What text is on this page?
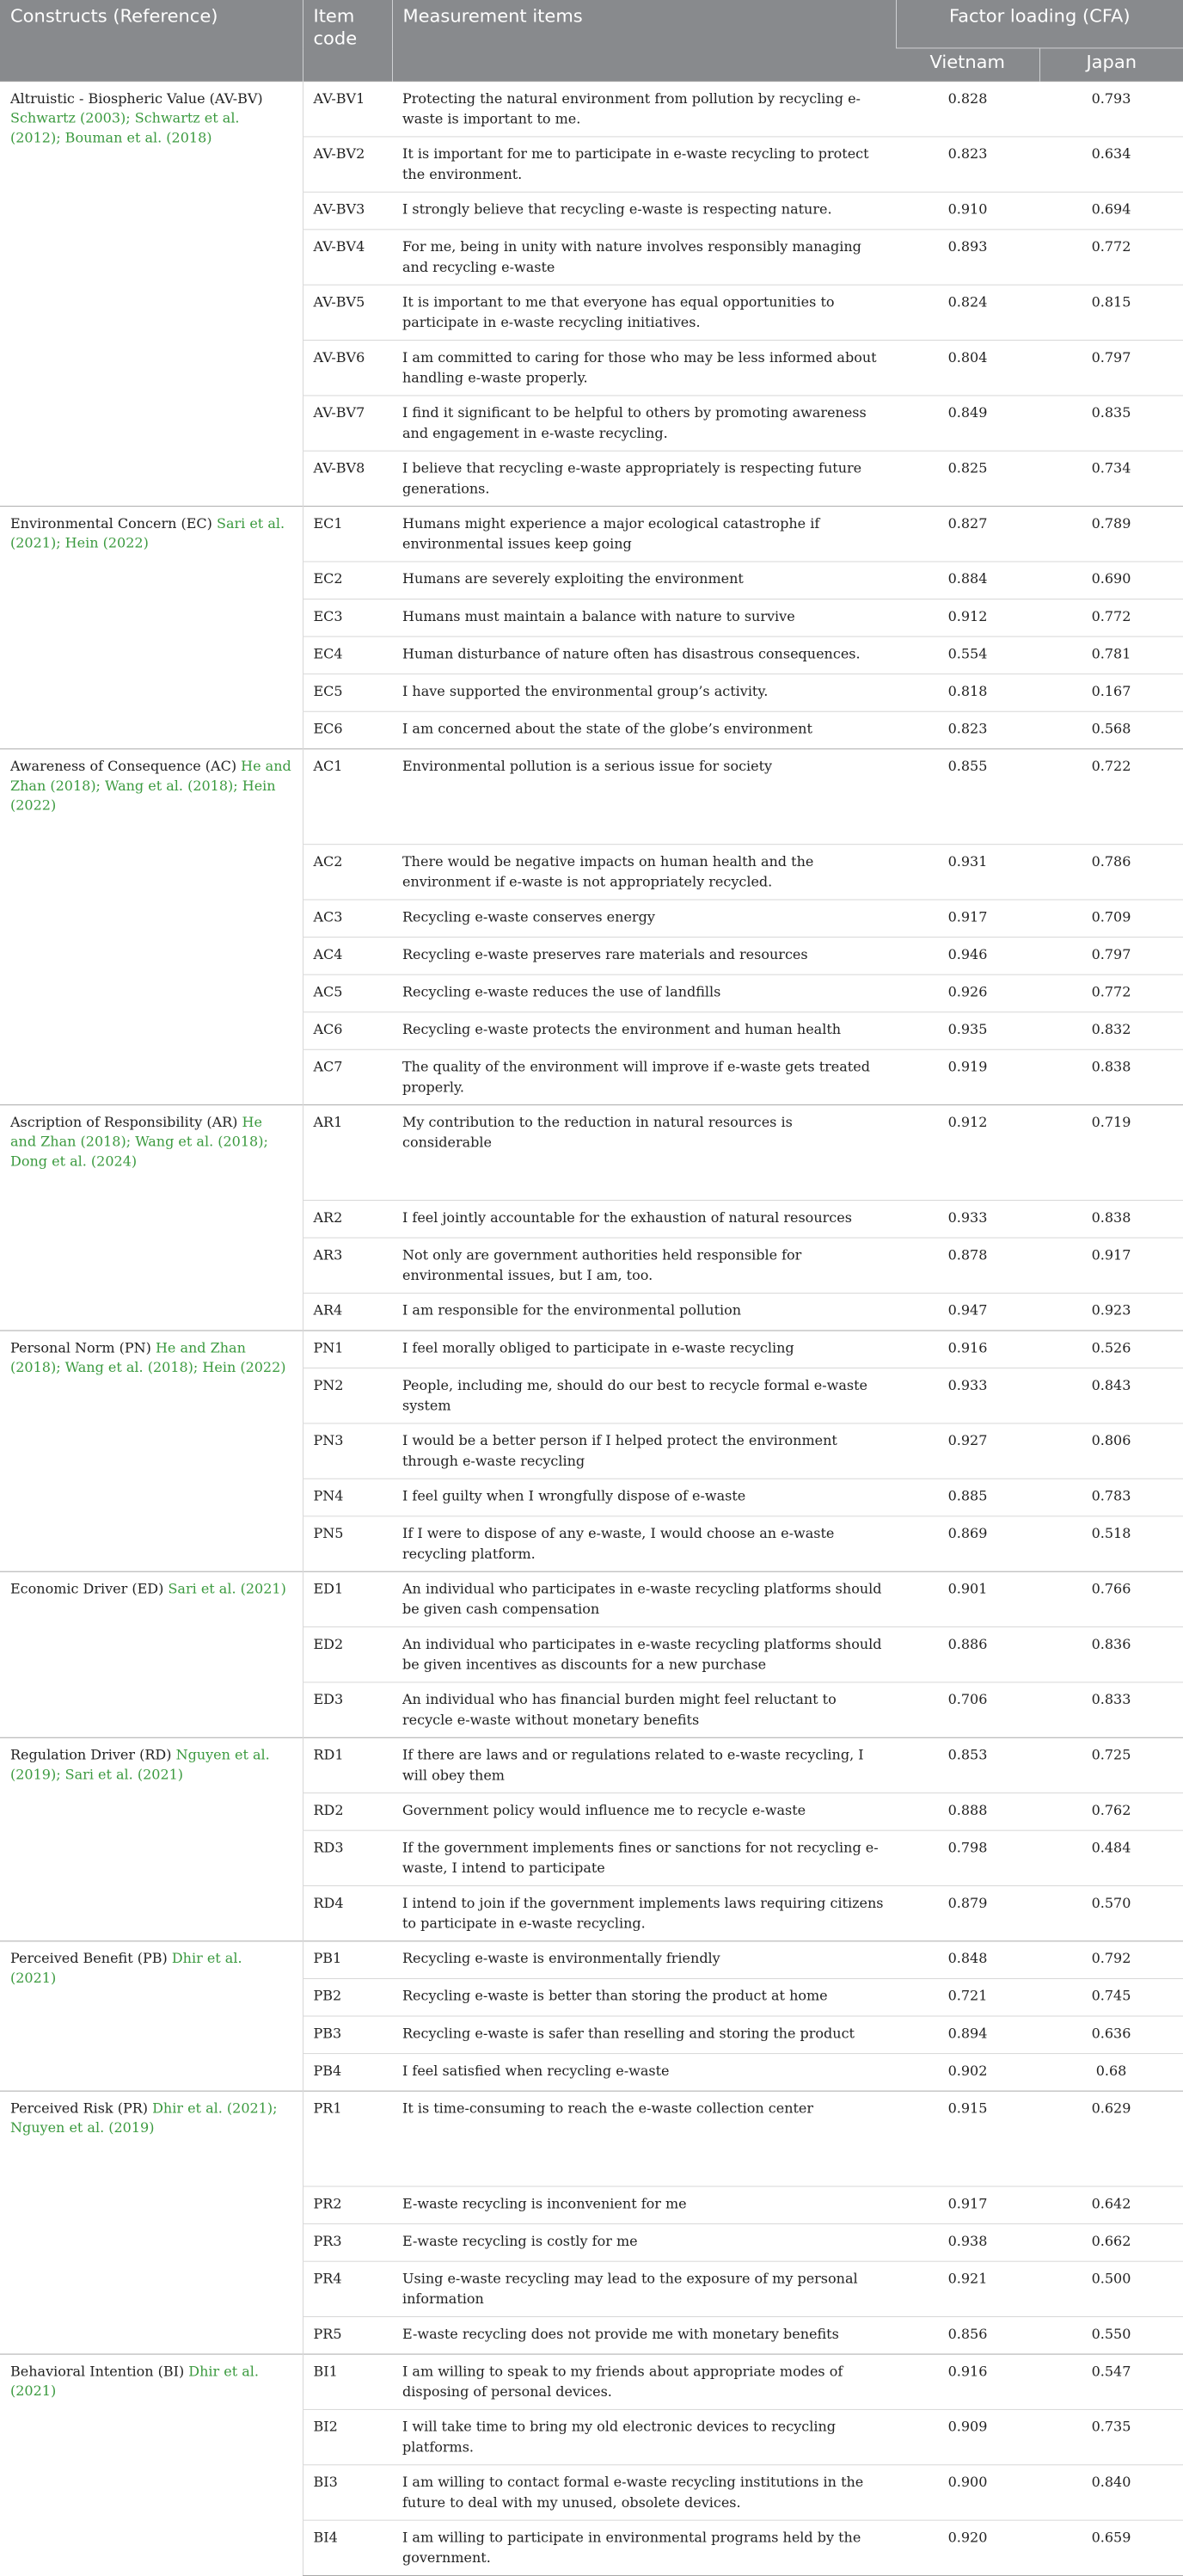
Constructs (Reference)	Item code	Measurement items	Factor loading (CFA)	
			Vietnam	Japan
Altruistic - Biospheric Value (AV-BV) Schwartz (2003); Schwartz et al. (2012); Bouman et al. (2018)	AV-BV1	Protecting the natural environment from pollution by recycling e-waste is important to me.	0.828	0.793
	AV-BV2	It is important for me to participate in e-waste recycling to protect the environment.	0.823	0.634
	AV-BV3	I strongly believe that recycling e-waste is respecting nature.	0.910	0.694
	AV-BV4	For me, being in unity with nature involves responsibly managing and recycling e-waste	0.893	0.772
	AV-BV5	It is important to me that everyone has equal opportunities to participate in e-waste recycling initiatives.	0.824	0.815
	AV-BV6	I am committed to caring for those who may be less informed about handling e-waste properly.	0.804	0.797
	AV-BV7	I find it significant to be helpful to others by promoting awareness and engagement in e-waste recycling.	0.849	0.835
	AV-BV8	I believe that recycling e-waste appropriately is respecting future generations.	0.825	0.734
Environmental Concern (EC) Sari et al. (2021); Hein (2022)	EC1	Humans might experience a major ecological catastrophe if environmental issues keep going	0.827	0.789
	EC2	Humans are severely exploiting the environment	0.884	0.690
	EC3	Humans must maintain a balance with nature to survive	0.912	0.772
	EC4	Human disturbance of nature often has disastrous consequences.	0.554	0.781
	EC5	I have supported the environmental group’s activity.	0.818	0.167
	EC6	I am concerned about the state of the globe’s environment	0.823	0.568
Awareness of Consequence (AC) He and Zhan (2018); Wang et al. (2018); Hein (2022)	AC1	Environmental pollution is a serious issue for society	0.855	0.722
	AC2	There would be negative impacts on human health and the environment if e-waste is not appropriately recycled.	0.931	0.786
	AC3	Recycling e-waste conserves energy	0.917	0.709
	AC4	Recycling e-waste preserves rare materials and resources	0.946	0.797
	AC5	Recycling e-waste reduces the use of landfills	0.926	0.772
	AC6	Recycling e-waste protects the environment and human health	0.935	0.832
	AC7	The quality of the environment will improve if e-waste gets treated properly.	0.919	0.838
Ascription of Responsibility (AR) He and Zhan (2018); Wang et al. (2018); Dong et al. (2024)	AR1	My contribution to the reduction in natural resources is considerable	0.912	0.719
	AR2	I feel jointly accountable for the exhaustion of natural resources	0.933	0.838
	AR3	Not only are government authorities held responsible for environmental issues, but I am, too.	0.878	0.917
	AR4	I am responsible for the environmental pollution	0.947	0.923
Personal Norm (PN) He and Zhan (2018); Wang et al. (2018); Hein (2022)	PN1	I feel morally obliged to participate in e-waste recycling	0.916	0.526
	PN2	People, including me, should do our best to recycle formal e-waste system	0.933	0.843
	PN3	I would be a better person if I helped protect the environment through e-waste recycling	0.927	0.806
	PN4	I feel guilty when I wrongfully dispose of e-waste	0.885	0.783
	PN5	If I were to dispose of any e-waste, I would choose an e-waste recycling platform.	0.869	0.518
Economic Driver (ED) Sari et al. (2021)	ED1	An individual who participates in e-waste recycling platforms should be given cash compensation	0.901	0.766
	ED2	An individual who participates in e-waste recycling platforms should be given incentives as discounts for a new purchase	0.886	0.836
	ED3	An individual who has financial burden might feel reluctant to recycle e-waste without monetary benefits	0.706	0.833
Regulation Driver (RD) Nguyen et al. (2019); Sari et al. (2021)	RD1	If there are laws and or regulations related to e-waste recycling, I will obey them	0.853	0.725
	RD2	Government policy would influence me to recycle e-waste	0.888	0.762
	RD3	If the government implements fines or sanctions for not recycling e-waste, I intend to participate	0.798	0.484
	RD4	I intend to join if the government implements laws requiring citizens to participate in e-waste recycling.	0.879	0.570
Perceived Benefit (PB) Dhir et al. (2021)	PB1	Recycling e-waste is environmentally friendly	0.848	0.792
	PB2	Recycling e-waste is better than storing the product at home	0.721	0.745
	PB3	Recycling e-waste is safer than reselling and storing the product	0.894	0.636
	PB4	I feel satisfied when recycling e-waste	0.902	0.68
Perceived Risk (PR) Dhir et al. (2021); Nguyen et al. (2019)	PR1	It is time-consuming to reach the e-waste collection center	0.915	0.629
	PR2	E-waste recycling is inconvenient for me	0.917	0.642
	PR3	E-waste recycling is costly for me	0.938	0.662
	PR4	Using e-waste recycling may lead to the exposure of my personal information	0.921	0.500
	PR5	E-waste recycling does not provide me with monetary benefits	0.856	0.550
Behavioral Intention (BI) Dhir et al. (2021)	BI1	I am willing to speak to my friends about appropriate modes of disposing of personal devices.	0.916	0.547
	BI2	I will take time to bring my old electronic devices to recycling platforms.	0.909	0.735
	BI3	I am willing to contact formal e-waste recycling institutions in the future to deal with my unused, obsolete devices.	0.900	0.840
	BI4	I am willing to participate in environmental programs held by the government.	0.920	0.659
